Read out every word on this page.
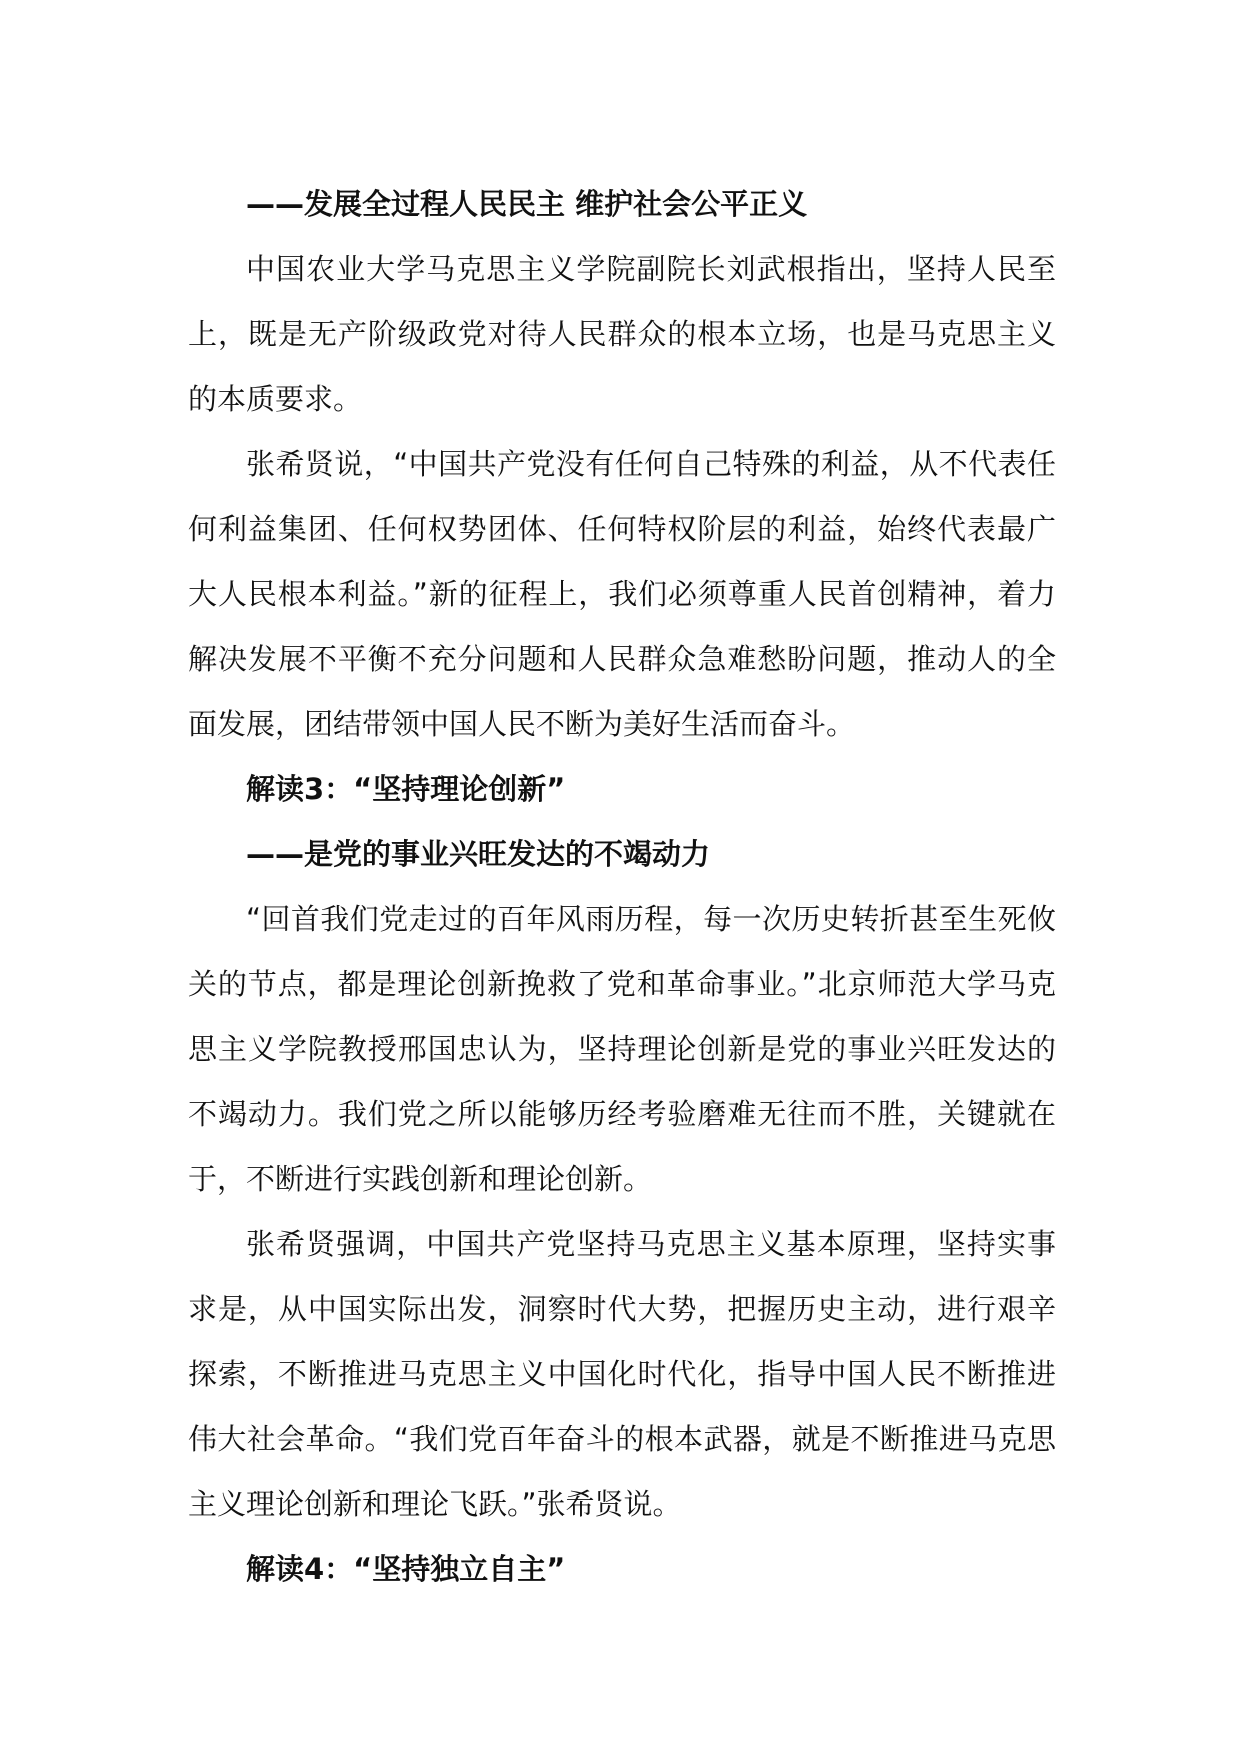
——发展全过程人民民主 维护社会公平正义

中国农业大学马克思主义学院副院长刘武根指出，坚持人民至上，既是无产阶级政党对待人民群众的根本立场，也是马克思主义的本质要求。

张希贤说，“中国共产党没有任何自己特殊的利益，从不代表任何利益集团、任何权势团体、任何特权阶层的利益，始终代表最广大人民根本利益。”新的征程上，我们必须尊重人民首创精神，着力解决发展不平衡不充分问题和人民群众急难愁盼问题，推动人的全面发展，团结带领中国人民不断为美好生活而奋斗。

解读3：“坚持理论创新”

——是党的事业兴旺发达的不竭动力

“回首我们党走过的百年风雨历程，每一次历史转折甚至生死攸关的节点，都是理论创新挽救了党和革命事业。”北京师范大学马克思主义学院教授邢国忠认为，坚持理论创新是党的事业兴旺发达的不竭动力。我们党之所以能够历经考验磨难无往而不胜，关键就在于，不断进行实践创新和理论创新。

张希贤强调，中国共产党坚持马克思主义基本原理，坚持实事求是，从中国实际出发，洞察时代大势，把握历史主动，进行艰辛探索，不断推进马克思主义中国化时代化，指导中国人民不断推进伟大社会革命。“我们党百年奋斗的根本武器，就是不断推进马克思主义理论创新和理论飞跃。”张希贤说。

解读4：“坚持独立自主”
